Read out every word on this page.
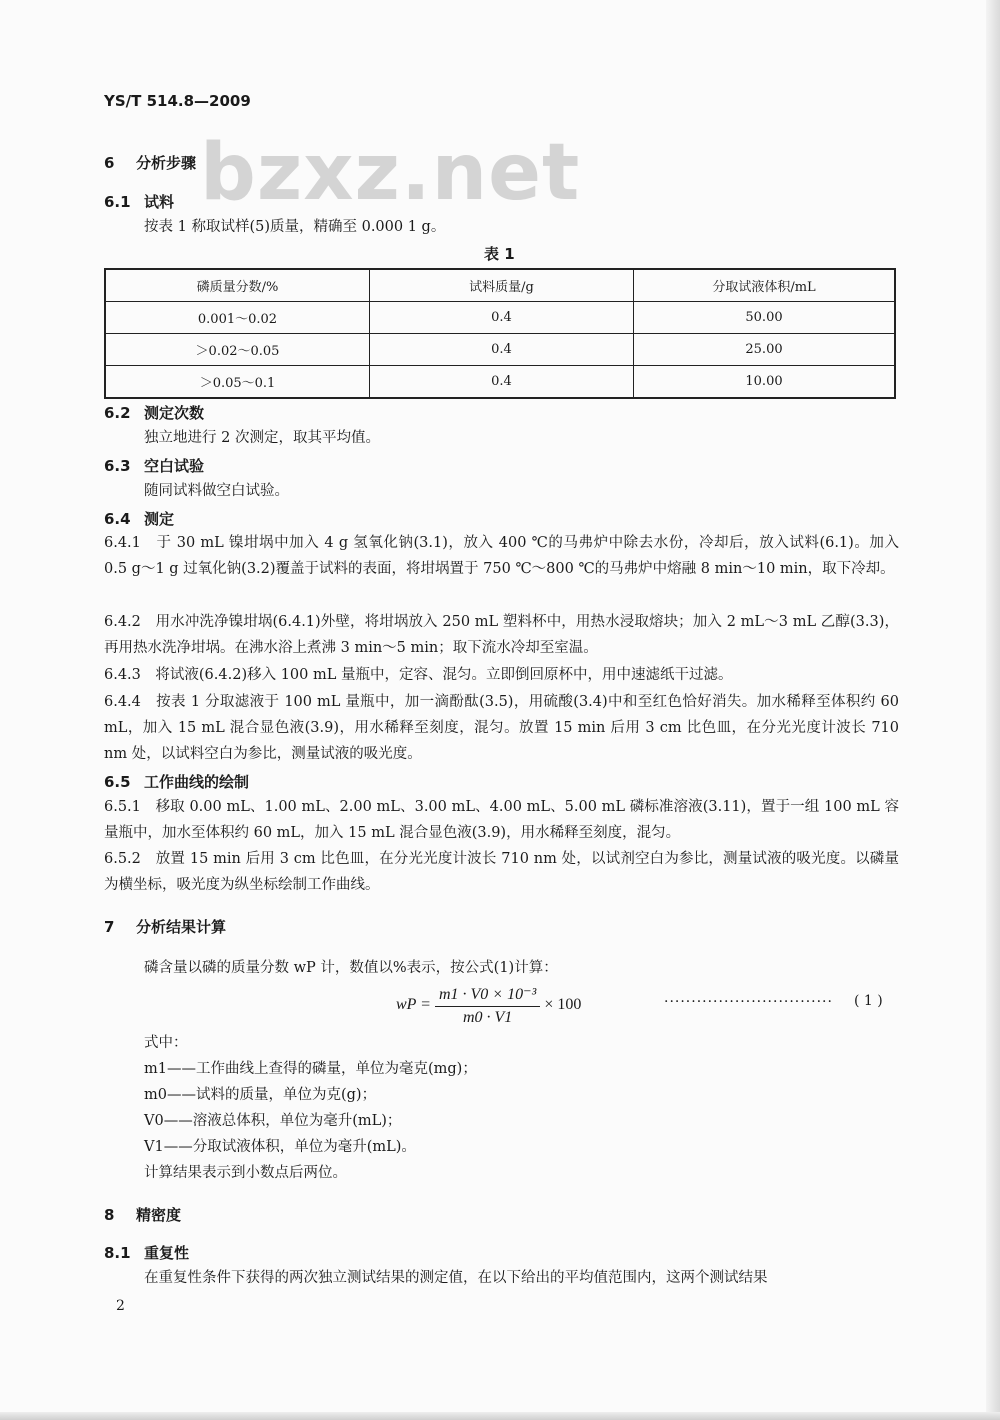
YS/T 514.8—2009
bzxz.net
6 分析步骤
6.1 试料
按表 1 称取试样(5)质量，精确至 0.000 1 g。
表 1
磷质量分数/%	试料质量/g	分取试液体积/mL
0.001～0.02	0.4	50.00
＞0.02～0.05	0.4	25.00
＞0.05～0.1	0.4	10.00
6.2 测定次数
独立地进行 2 次测定，取其平均值。
6.3 空白试验
随同试料做空白试验。
6.4 测定
6.4.1　于 30 mL 镍坩埚中加入 4 g 氢氧化钠(3.1)，放入 400 ℃的马弗炉中除去水份，冷却后，放入试料(6.1)。加入 0.5 g～1 g 过氧化钠(3.2)覆盖于试料的表面，将坩埚置于 750 ℃～800 ℃的马弗炉中熔融 8 min～10 min，取下冷却。
6.4.2　用水冲洗净镍坩埚(6.4.1)外壁，将坩埚放入 250 mL 塑料杯中，用热水浸取熔块；加入 2 mL～3 mL 乙醇(3.3)，再用热水洗净坩埚。在沸水浴上煮沸 3 min～5 min；取下流水冷却至室温。
6.4.3　将试液(6.4.2)移入 100 mL 量瓶中，定容、混匀。立即倒回原杯中，用中速滤纸干过滤。
6.4.4　按表 1 分取滤液于 100 mL 量瓶中，加一滴酚酞(3.5)，用硫酸(3.4)中和至红色恰好消失。加水稀释至体积约 60 mL，加入 15 mL 混合显色液(3.9)，用水稀释至刻度，混匀。放置 15 min 后用 3 cm 比色皿，在分光光度计波长 710 nm 处，以试料空白为参比，测量试液的吸光度。
6.5 工作曲线的绘制
6.5.1　移取 0.00 mL、1.00 mL、2.00 mL、3.00 mL、4.00 mL、5.00 mL 磷标准溶液(3.11)，置于一组 100 mL 容量瓶中，加水至体积约 60 mL，加入 15 mL 混合显色液(3.9)，用水稀释至刻度，混匀。
6.5.2　放置 15 min 后用 3 cm 比色皿，在分光光度计波长 710 nm 处，以试剂空白为参比，测量试液的吸光度。以磷量为横坐标，吸光度为纵坐标绘制工作曲线。
7 分析结果计算
磷含量以磷的质量分数 wP 计，数值以%表示，按公式(1)计算：
wP = $\frac{\text{m1 · V0 × 10⁻³}}{m0 \cdot V1} \times 100$	······························· ( 1 )
式中：
m1——工作曲线上查得的磷量，单位为毫克(mg)；
m0——试料的质量，单位为克(g)；
V0——溶液总体积，单位为毫升(mL)；
V1——分取试液体积，单位为毫升(mL)。
计算结果表示到小数点后两位。
8 精密度
8.1 重复性
在重复性条件下获得的两次独立测试结果的测定值，在以下给出的平均值范围内，这两个测试结果
2
